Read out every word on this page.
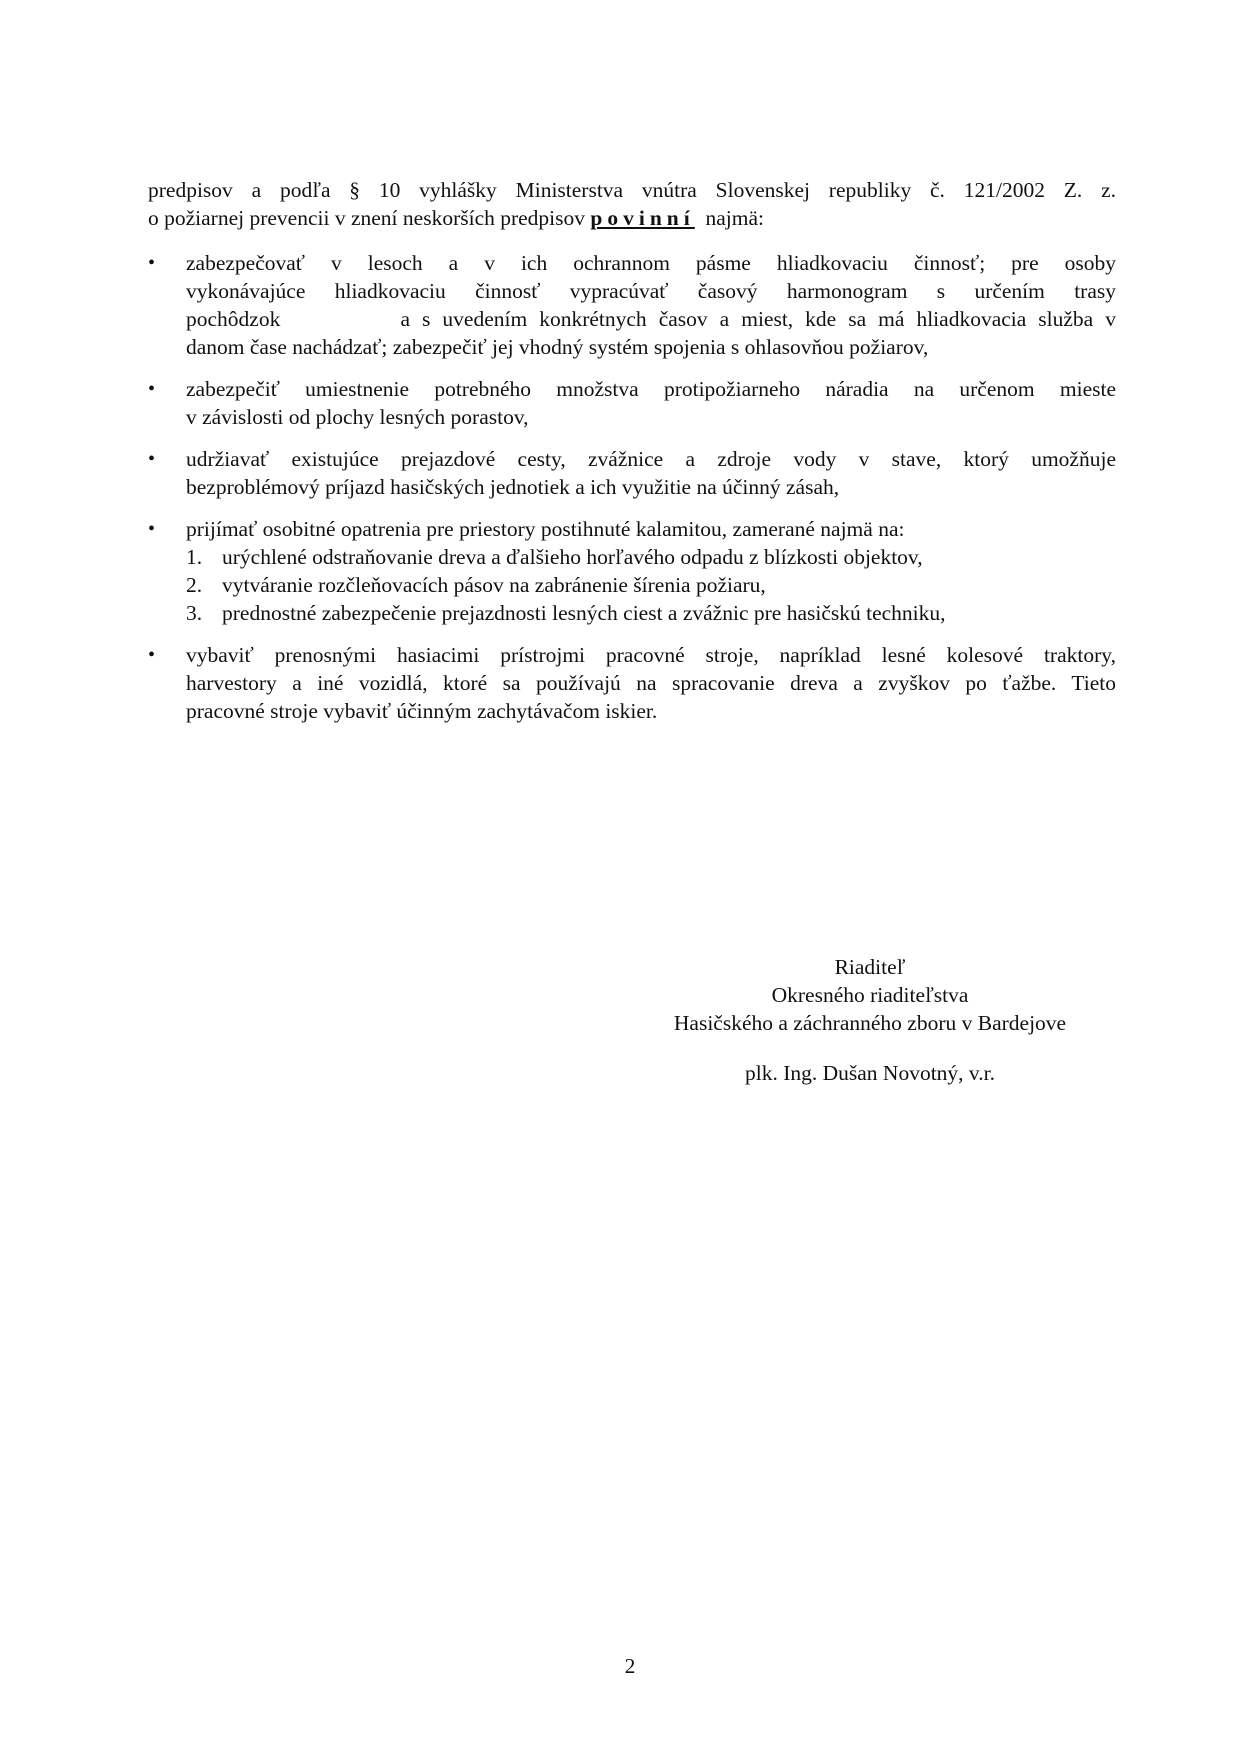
predpisov a podľa § 10 vyhlášky Ministerstva vnútra Slovenskej republiky č. 121/2002 Z. z.
o požiarnej prevencii v znení neskorších predpisov povinní  najmä:
•	zabezpečovať v lesoch a v ich ochrannom pásme hliadkovaciu činnosť; pre osoby
vykonávajúce hliadkovaciu činnosť vypracúvať časový harmonogram s určením trasy
pochôdzok          a s uvedením konkrétnych časov a miest, kde sa má hliadkovacia služba v
danom čase nachádzať; zabezpečiť jej vhodný systém spojenia s ohlasovňou požiarov,
•	zabezpečiť umiestnenie potrebného množstva protipožiarneho náradia na určenom mieste
v závislosti od plochy lesných porastov,
•	udržiavať existujúce prejazdové cesty, zvážnice a zdroje vody v stave, ktorý umožňuje
bezproblémový príjazd hasičských jednotiek a ich využitie na účinný zásah,
•	prijímať osobitné opatrenia pre priestory postihnuté kalamitou, zamerané najmä na:
1. urýchlené odstraňovanie dreva a ďalšieho horľavého odpadu z blízkosti objektov,
2. vytváranie rozčleňovacích pásov na zabránenie šírenia požiaru,
3. prednostné zabezpečenie prejazdnosti lesných ciest a zvážnic pre hasičskú techniku,
•	vybaviť prenosnými hasiacimi prístrojmi pracovné stroje, napríklad lesné kolesové traktory,
harvestory a iné vozidlá, ktoré sa používajú na spracovanie dreva a zvyškov po ťažbe. Tieto
pracovné stroje vybaviť účinným zachytávačom iskier.
Riaditeľ
Okresného riaditeľstva
Hasičského a záchranného zboru v Bardejove
plk. Ing. Dušan Novotný, v.r.
2
